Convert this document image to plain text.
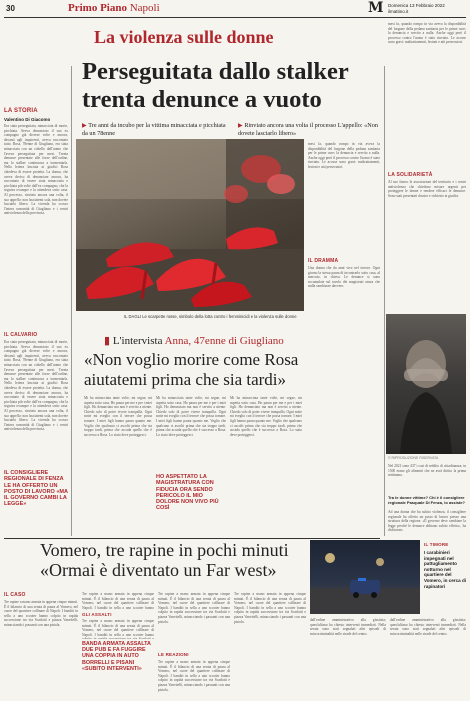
30	Primo Piano Napoli	M Domenica 13 Febbraio 2022
ilmattino.it
La violenza sulle donne
LA STORIA
Valentino Di Giacomo
Era stata perseguitata, minacciata di morte, picchiata. Aveva denunciato il suo ex compagno già diverse volte e ancora, davanti agli inquirenti, aveva raccontato tutto. Rosa, 78enne di Giugliano, era stata minacciata con un coltello dall'uomo che l'aveva perseguitata per mesi. Trenta denunce presentate alle forze dell'ordine, ma lo stalker continuava a tormentarla. Nella lettera lasciata ai giudici Rosa chiedeva di essere protetta. La donna, che aveva deciso di denunciare ancora, ha raccontato di essere stata minacciata e picchiata più volte dall'ex compagno, che la seguiva ovunque e la attendeva sotto casa. Al processo, rinviato ancora una volta, il suo appello: non lasciatemi sola, non dovete lasciarlo libero. La vicenda ha scosso l'intera comunità di Giugliano e i centri antiviolenza della provincia.
Perseguitata dallo stalker
trenta denunce a vuoto
▶ Tre anni da incubo per la vittima minacciata e picchiata da un 78enne
▶ Rinviato ancora una volta il processo L'appello: «Non dovete lasciarlo libero»
IL DAGLI Le scarpette rosse, simbolo della lotta contro i femminicidi e la violenza sulle donne
mesi fa, quando rompo in via aveva la disponibilità del furgone della pedana sanitaria per le prime cure; la denuncia e servito a nulla. Anche oggi però il processo contro l'uomo è stato rinviato. Le accuse sono gravi: maltrattamenti, lesioni e atti persecutori.
IL DRAMMA
Una donna che da anni vive nel terrore. Ogni giorno la stessa paura di incontrarlo sotto casa, al mercato, in chiesa. Le denunce si sono accumulate sul tavolo dei magistrati senza che nulla cambiasse davvero.
mesi fa, quando rompo in via aveva la disponibilità del furgone della pedana sanitaria per le prime cure; la denuncia e servito a nulla. Anche oggi però il processo contro l'uomo è stato rinviato. Le accuse sono gravi: maltrattamenti, lesioni e atti persecutori.
LA SOLIDARIETÀ
Al suo fianco le associazioni del territorio e i centri antiviolenza che chiedono misure urgenti per proteggere le donne e rendere efficaci le denunce. Sono stati presentati dossier e richieste ai giudici.
© RIPRODUZIONE RISERVATA
Nel 2021 sono 437 i casi di reddito di cittadinanza; in 1500 erano gli alimenti che ne avrà diritto la prima settimana.
Tra le donne vittime? Chi è il consigliere regionale Pasquale Di Fenza, lo assiste?
Ad una donna che ha subito violenza, il consigliere regionale ha offerto un posto di lavoro presso una struttura della regione. «Il governo deve cambiare la legge perché le denunce abbiano subito effetto», ha dichiarato.
IL CALVARIO	▮ L'intervista Anna, 47enne di Giugliano
«Non voglio morire come Rosa
aiutatemi prima che sia tardi»
Mi ha minacciata tante volte, mi segue, mi aspetta sotto casa. Ho paura per me e per i miei figli. Ho denunciato ma non è servito a niente. Chiedo solo di poter vivere tranquilla. Ogni notte mi sveglio con il terrore che possa tornare. I miei figli hanno paura quanto me. Voglio che qualcuno ci ascolti prima che sia troppo tardi, prima che accada quello che è successo a Rosa. Lo stato deve proteggerci.
Mi ha minacciata tante volte, mi segue, mi aspetta sotto casa. Ho paura per me e per i miei figli. Ho denunciato ma non è servito a niente. Chiedo solo di poter vivere tranquilla. Ogni notte mi sveglio con il terrore che possa tornare. I miei figli hanno paura quanto me. Voglio che qualcuno ci ascolti prima che sia troppo tardi, prima che accada quello che è successo a Rosa. Lo stato deve proteggerci.
HO ASPETTATO LA MAGISTRATURA CON FIDUCIA ORA SENDO PERICOLO IL MIO DOLORE NON VIVO PIÙ COSÌ
Mi ha minacciata tante volte, mi segue, mi aspetta sotto casa. Ho paura per me e per i miei figli. Ho denunciato ma non è servito a niente. Chiedo solo di poter vivere tranquilla. Ogni notte mi sveglio con il terrore che possa tornare. I miei figli hanno paura quanto me. Voglio che qualcuno ci ascolti prima che sia troppo tardi, prima che accada quello che è successo a Rosa. Lo stato deve proteggerci.
Era stata perseguitata, minacciata di morte, picchiata. Aveva denunciato il suo ex compagno già diverse volte e ancora, davanti agli inquirenti, aveva raccontato tutto. Rosa, 78enne di Giugliano, era stata minacciata con un coltello dall'uomo che l'aveva perseguitata per mesi. Trenta denunce presentate alle forze dell'ordine, ma lo stalker continuava a tormentarla. Nella lettera lasciata ai giudici Rosa chiedeva di essere protetta. La donna, che aveva deciso di denunciare ancora, ha raccontato di essere stata minacciata e picchiata più volte dall'ex compagno, che la seguiva ovunque e la attendeva sotto casa. Al processo, rinviato ancora una volta, il suo appello: non lasciatemi sola, non dovete lasciarlo libero. La vicenda ha scosso l'intera comunità di Giugliano e i centri antiviolenza della provincia.
IL CONSIGLIERE REGIONALE DI FENZA LE HA OFFERTO UN POSTO DI LAVORO «MA IL GOVERNO CAMBI LA LEGGE»
Vomero, tre rapine in pochi minuti
«Ormai è diventato un Far west»
IL CASO
Tre rapine a mano armata in appena cinque minuti. È il bilancio di una serata di paura al Vomero, nel cuore del quartiere collinare di Napoli. I banditi in sella a uno scooter hanno colpito in rapida successione tra via Scarlatti e piazza Vanvitelli, minacciando i passanti con una pistola.
Tre rapine a mano armata in appena cinque minuti. È il bilancio di una serata di paura al Vomero, nel cuore del quartiere collinare di Napoli. I banditi in sella a uno scooter hanno
GLI ASSALTI
Tre rapine a mano armata in appena cinque minuti. È il bilancio di una serata di paura al Vomero, nel cuore del quartiere collinare di Napoli. I banditi in sella a uno scooter hanno
BANDA ARMATA ASSALTA DUE PUB E FA FUGGIRE UNA COPPIA IN AUTO BORRELLI E PISANI «SUBITO INTERVENTI»
Tre rapine a mano armata in appena cinque minuti. È il bilancio di una serata di paura al Vomero, nel cuore del quartiere collinare di Napoli. I banditi in sella a uno scooter hanno colpito in rapida successione tra via Scarlatti e piazza Vanvitelli, minacciando i passanti con una pistola.
LE REAZIONI
Tre rapine a mano armata in appena cinque minuti. È il bilancio di una serata di paura al Vomero, nel cuore del quartiere collinare di Napoli. I banditi in sella a uno scooter hanno colpito in rapida successione tra via Scarlatti e piazza Vanvitelli, minacciando i passanti con una pistola.
Tre rapine a mano armata in appena cinque minuti. È il bilancio di una serata di paura al Vomero, nel cuore del quartiere collinare di Napoli. I banditi in sella a uno scooter hanno colpito in rapida successione tra via Scarlatti e piazza Vanvitelli, minacciando i passanti con una pistola.
IL TIMORE
I carabinieri impegnati nel pattugliamento notturno nel quartiere del Vomero, in cerca di rapinatori
dall'ordine amministrativo alla giustizia; quest'ultimo ha chiesto interventi immediati. Nella serata sono stati segnalati altri episodi di microcriminalità nelle strade del centro.
dall'ordine amministrativo alla giustizia; quest'ultimo ha chiesto interventi immediati. Nella serata sono stati segnalati altri episodi di microcriminalità nelle strade del centro.
